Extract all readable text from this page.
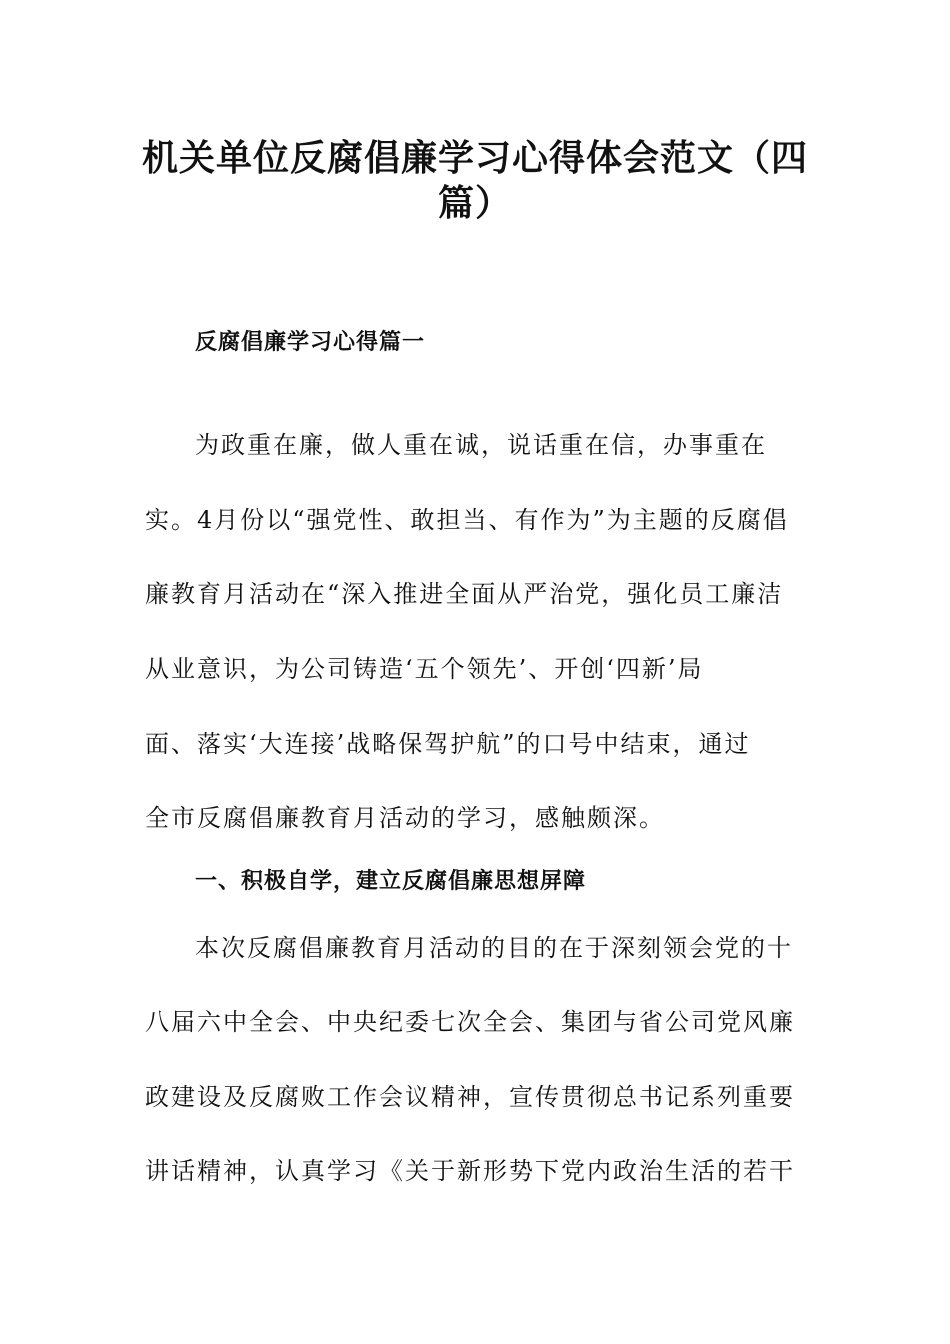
机关单位反腐倡廉学习心得体会范文（四
篇）
反腐倡廉学习心得篇一

为政重在廉，做人重在诚，说话重在信，办事重在

实。4月份以“强党性、敢担当、有作为”为主题的反腐倡

廉教育月活动在“深入推进全面从严治党，强化员工廉洁

从业意识，为公司铸造‘五个领先’、开创‘四新’局

面、落实‘大连接’战略保驾护航”的口号中结束，通过

全市反腐倡廉教育月活动的学习，感触颇深。

一、积极自学，建立反腐倡廉思想屏障

本次反腐倡廉教育月活动的目的在于深刻领会党的十

八届六中全会、中央纪委七次全会、集团与省公司党风廉

政建设及反腐败工作会议精神，宣传贯彻总书记系列重要

讲话精神，认真学习《关于新形势下党内政治生活的若干
